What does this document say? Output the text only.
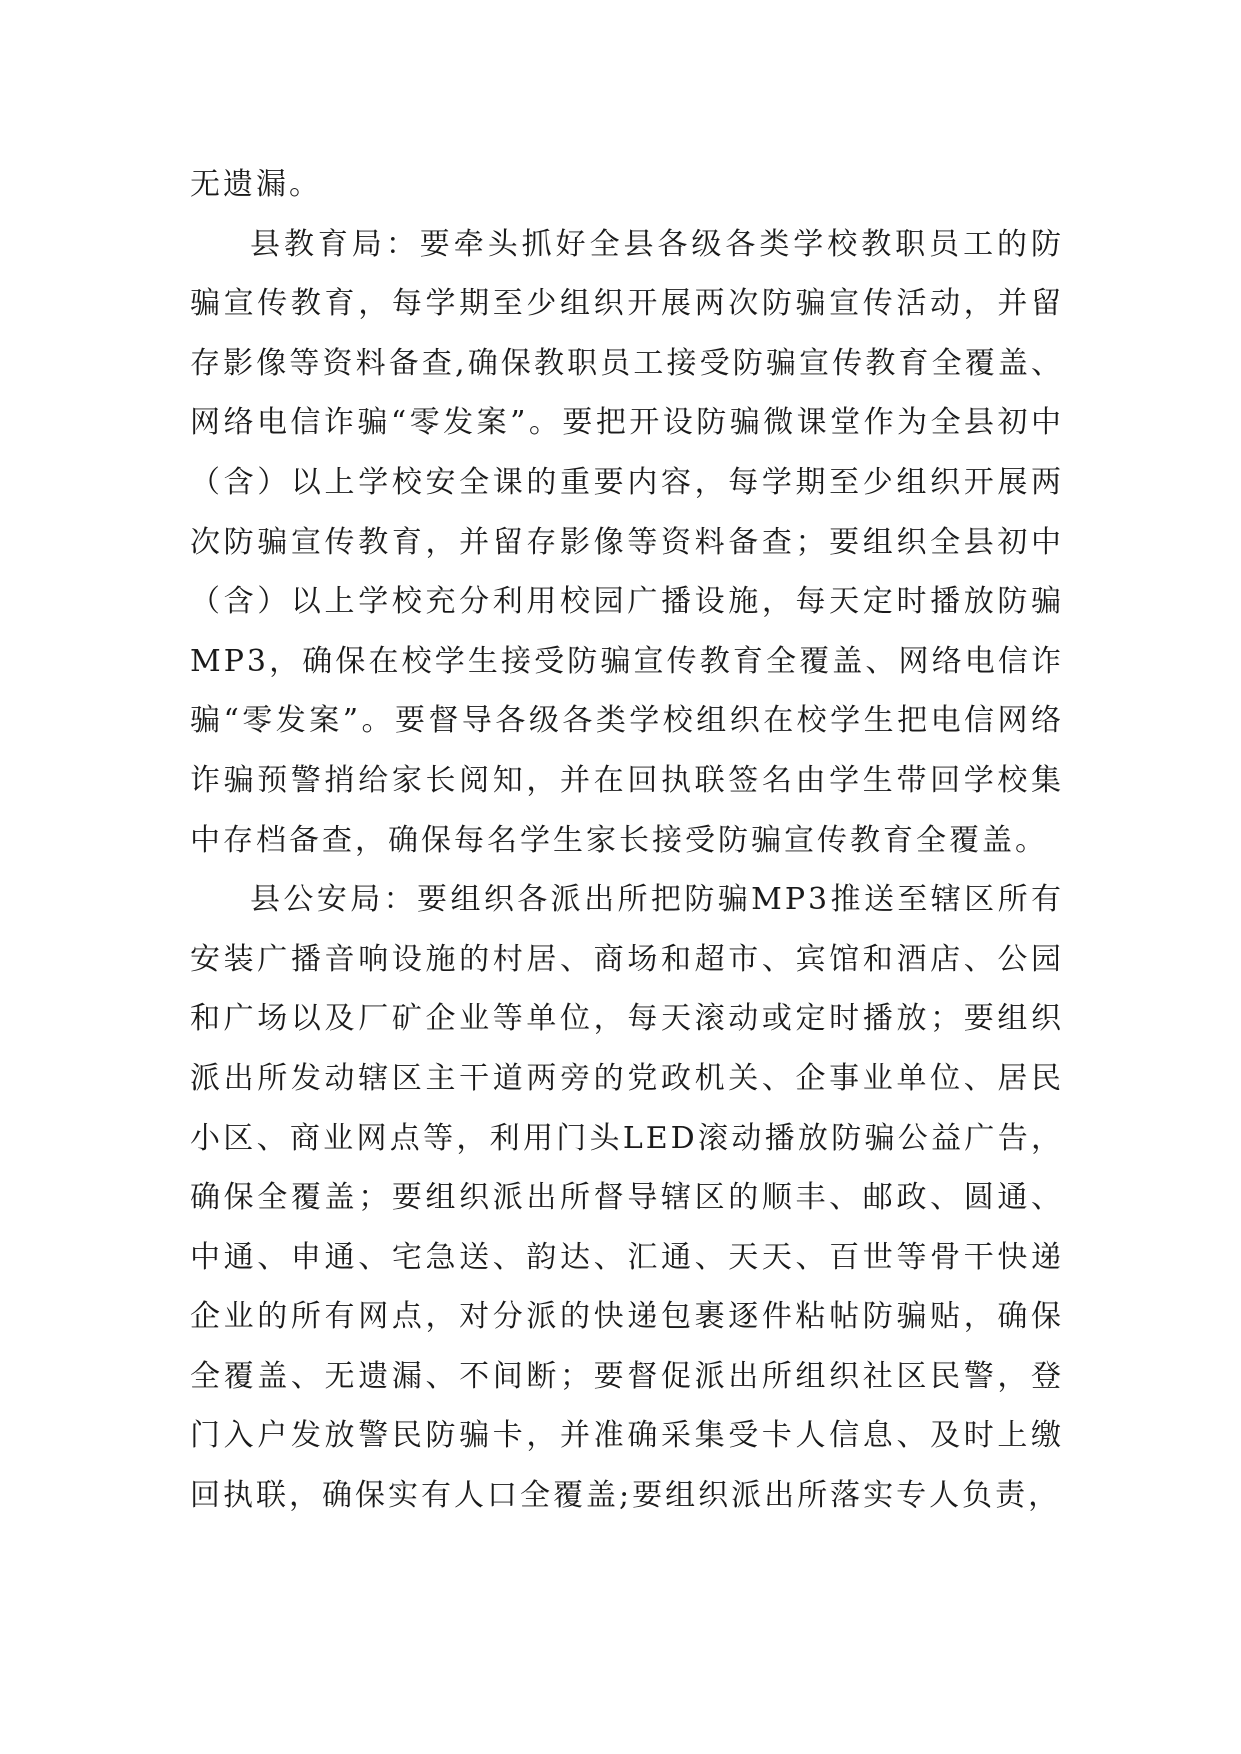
无遗漏。

县教育局：要牵头抓好全县各级各类学校教职员工的防骗宣传教育，每学期至少组织开展两次防骗宣传活动，并留存影像等资料备查,确保教职员工接受防骗宣传教育全覆盖、网络电信诈骗“零发案”。要把开设防骗微课堂作为全县初中（含）以上学校安全课的重要内容，每学期至少组织开展两次防骗宣传教育，并留存影像等资料备查；要组织全县初中（含）以上学校充分利用校园广播设施，每天定时播放防骗MP3，确保在校学生接受防骗宣传教育全覆盖、网络电信诈骗“零发案”。要督导各级各类学校组织在校学生把电信网络诈骗预警捎给家长阅知，并在回执联签名由学生带回学校集中存档备查，确保每名学生家长接受防骗宣传教育全覆盖。

县公安局：要组织各派出所把防骗MP3推送至辖区所有安装广播音响设施的村居、商场和超市、宾馆和酒店、公园和广场以及厂矿企业等单位，每天滚动或定时播放；要组织派出所发动辖区主干道两旁的党政机关、企事业单位、居民小区、商业网点等，利用门头LED滚动播放防骗公益广告，确保全覆盖；要组织派出所督导辖区的顺丰、邮政、圆通、中通、申通、宅急送、韵达、汇通、天天、百世等骨干快递企业的所有网点，对分派的快递包裹逐件粘帖防骗贴，确保全覆盖、无遗漏、不间断；要督促派出所组织社区民警，登门入户发放警民防骗卡，并准确采集受卡人信息、及时上缴回执联，确保实有人口全覆盖;要组织派出所落实专人负责，
